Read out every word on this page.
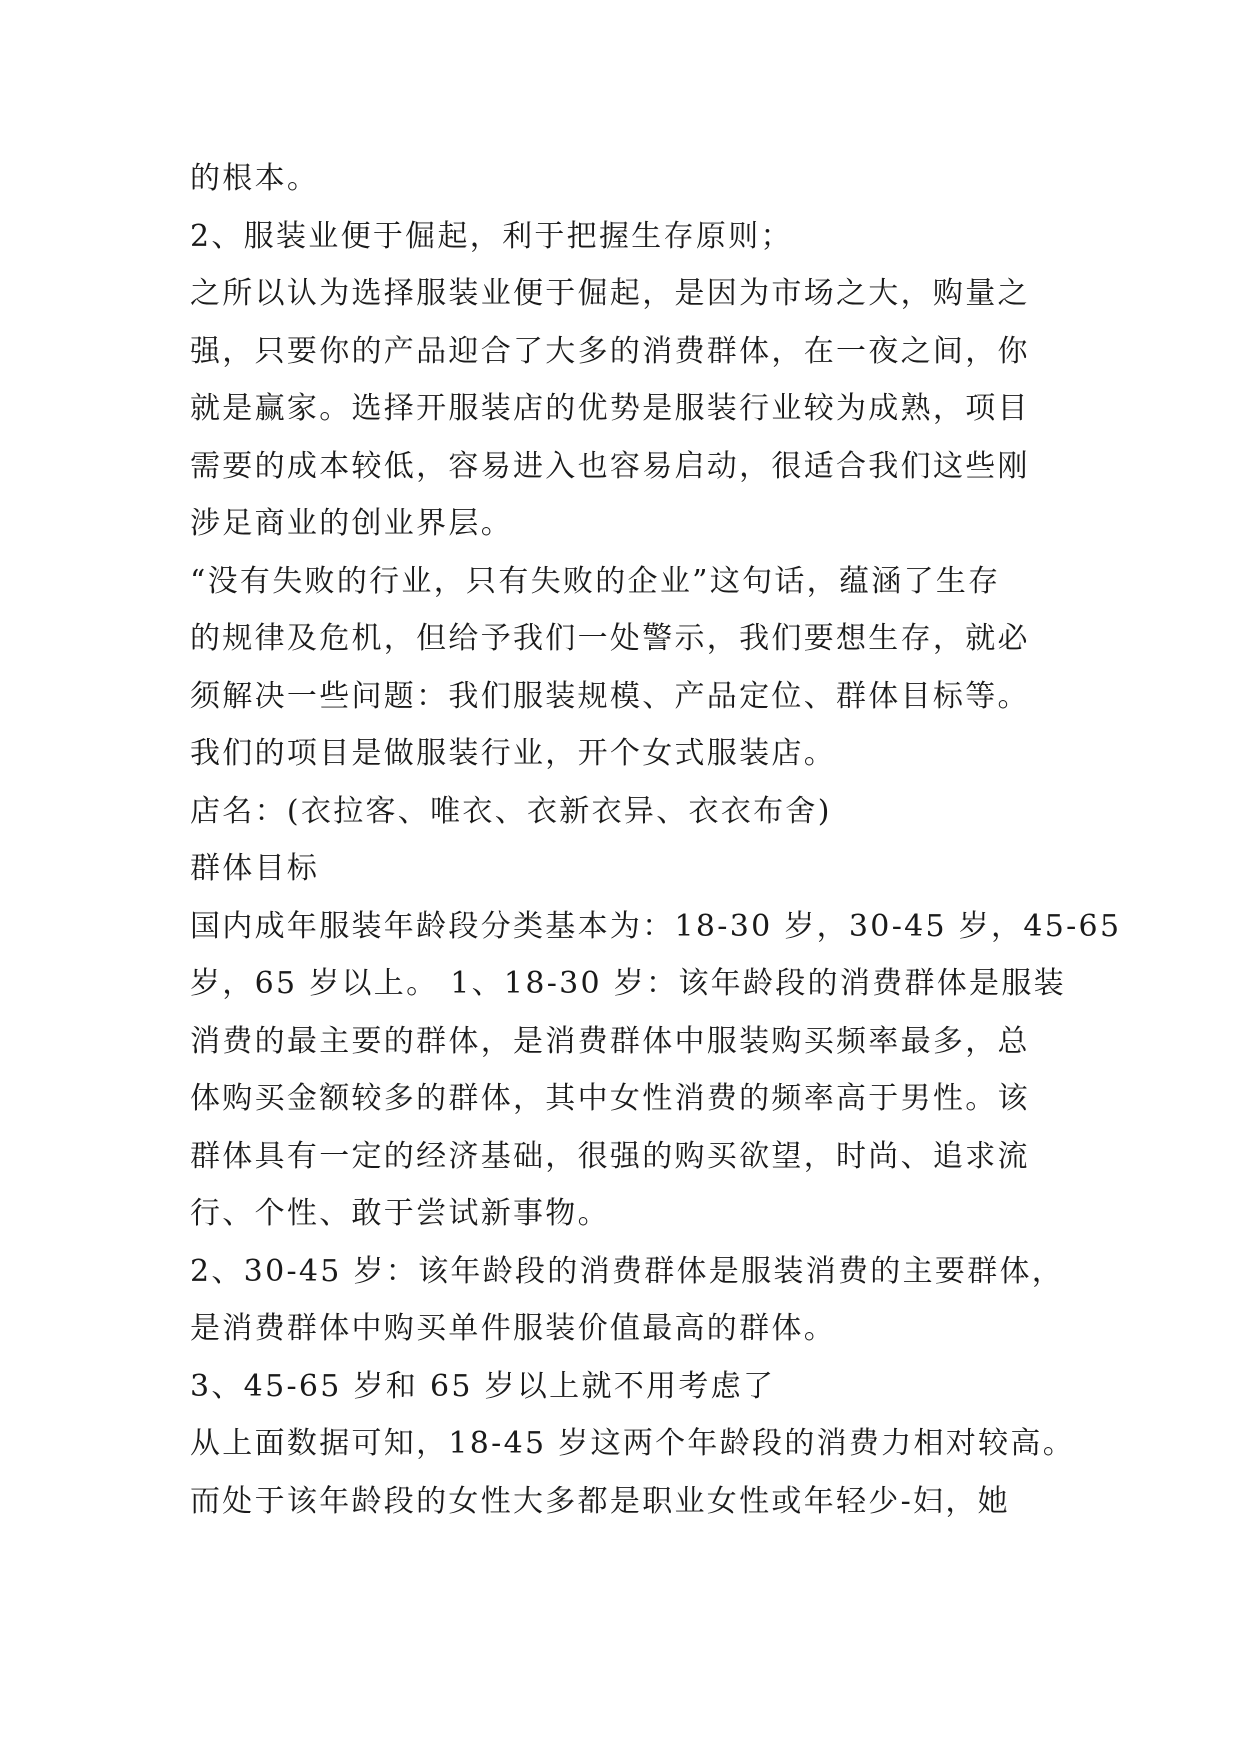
的根本。

2、服装业便于倔起，利于把握生存原则；

之所以认为选择服装业便于倔起，是因为市场之大，购量之

强，只要你的产品迎合了大多的消费群体，在一夜之间，你

就是赢家。选择开服装店的优势是服装行业较为成熟，项目

需要的成本较低，容易进入也容易启动，很适合我们这些刚

涉足商业的创业界层。

“没有失败的行业，只有失败的企业”这句话，蕴涵了生存

的规律及危机，但给予我们一处警示，我们要想生存，就必

须解决一些问题：我们服装规模、产品定位、群体目标等。

我们的项目是做服装行业，开个女式服装店。

店名：(衣拉客、唯衣、衣新衣异、衣衣布舍)

群体目标

国内成年服装年龄段分类基本为：18-30 岁，30-45 岁，45-65

岁，65 岁以上。 1、18-30 岁：该年龄段的消费群体是服装

消费的最主要的群体，是消费群体中服装购买频率最多，总

体购买金额较多的群体，其中女性消费的频率高于男性。该

群体具有一定的经济基础，很强的购买欲望，时尚、追求流

行、个性、敢于尝试新事物。

2、30-45 岁：该年龄段的消费群体是服装消费的主要群体，

是消费群体中购买单件服装价值最高的群体。

3、45-65 岁和 65 岁以上就不用考虑了

从上面数据可知，18-45 岁这两个年龄段的消费力相对较高。

而处于该年龄段的女性大多都是职业女性或年轻少-妇，她
